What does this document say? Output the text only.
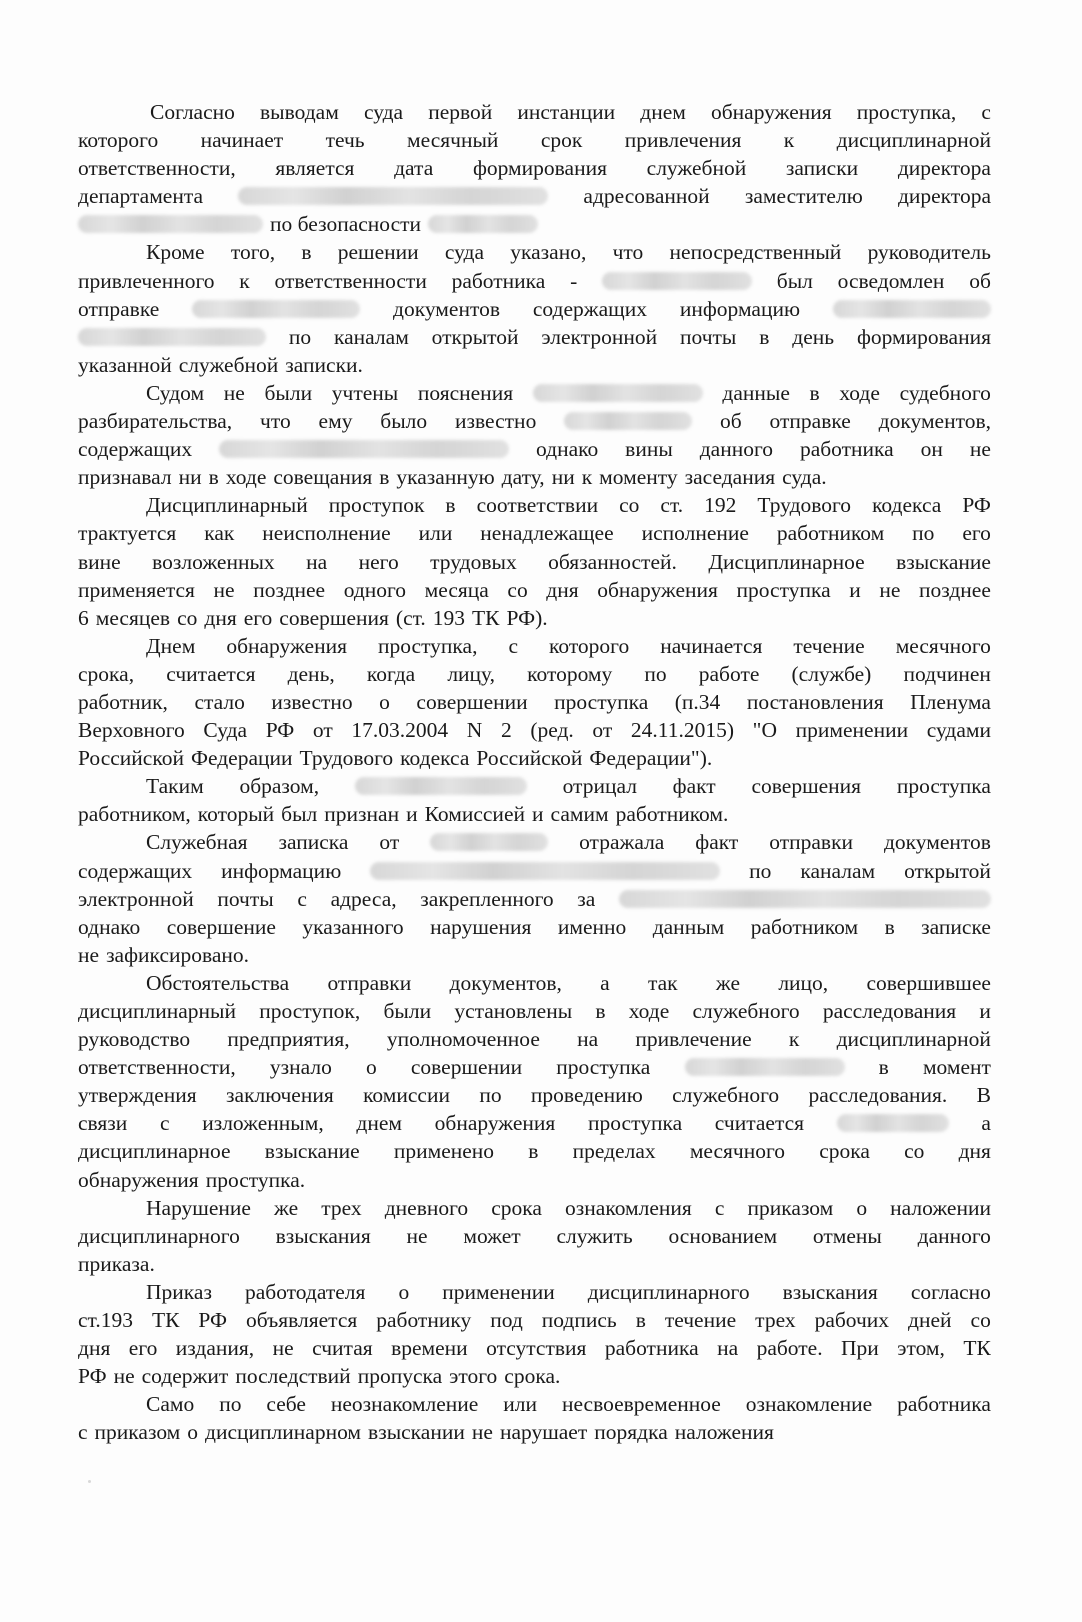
Согласно выводам суда первой инстанции днем обнаружения проступка, с
которого начинает течь месячный срок привлечения к дисциплинарной
ответственности, является дата формирования служебной записки директора
департамента	адресованной заместителю директора
по безопасности
Кроме того, в решении суда указано, что непосредственный руководитель
привлеченного к ответственности работника -	был осведомлен об
отправке	документов содержащих информацию
по каналам открытой электронной почты в день формирования
указанной служебной записки.
Судом не были учтены пояснения	данные в ходе судебного
разбирательства, что ему было известно	об отправке документов,
содержащих	однако вины данного работника он не
признавал ни в ходе совещания в указанную дату, ни к моменту заседания суда.
Дисциплинарный проступок в соответствии со ст. 192 Трудового кодекса РФ
трактуется как неисполнение или ненадлежащее исполнение работником по его
вине возложенных на него трудовых обязанностей. Дисциплинарное взыскание
применяется не позднее одного месяца со дня обнаружения проступка и не позднее
6 месяцев со дня его совершения (ст. 193 ТК РФ).
Днем обнаружения проступка, с которого начинается течение месячного
срока, считается день, когда лицу, которому по работе (службе) подчинен
работник, стало известно о совершении проступка (п.34 постановления Пленума
Верховного Суда РФ от 17.03.2004 N 2 (ред. от 24.11.2015) "О применении судами
Российской Федерации Трудового кодекса Российской Федерации").
Таким образом,	отрицал факт совершения проступка
работником, который был признан и Комиссией и самим работником.
Служебная записка от	отражала факт отправки документов
содержащих информацию	по каналам открытой
электронной почты с адреса, закрепленного за
однако совершение указанного нарушения именно данным работником в записке
не зафиксировано.
Обстоятельства отправки документов, а так же лицо, совершившее
дисциплинарный проступок, были установлены в ходе служебного расследования и
руководство предприятия, уполномоченное на привлечение к дисциплинарной
ответственности, узнало о совершении проступка	в момент
утверждения заключения комиссии по проведению служебного расследования. В
связи с изложенным, днем обнаружения проступка считается	а
дисциплинарное взыскание применено в пределах месячного срока со дня
обнаружения проступка.
Нарушение же трех дневного срока ознакомления с приказом о наложении
дисциплинарного взыскания не может служить основанием отмены данного
приказа.
Приказ работодателя о применении дисциплинарного взыскания согласно
ст.193 ТК РФ объявляется работнику под подпись в течение трех рабочих дней со
дня его издания, не считая времени отсутствия работника на работе. При этом, ТК
РФ не содержит последствий пропуска этого срока.
Само по себе неознакомление или несвоевременное ознакомление работника
с приказом о дисциплинарном взыскании не нарушает порядка наложения
